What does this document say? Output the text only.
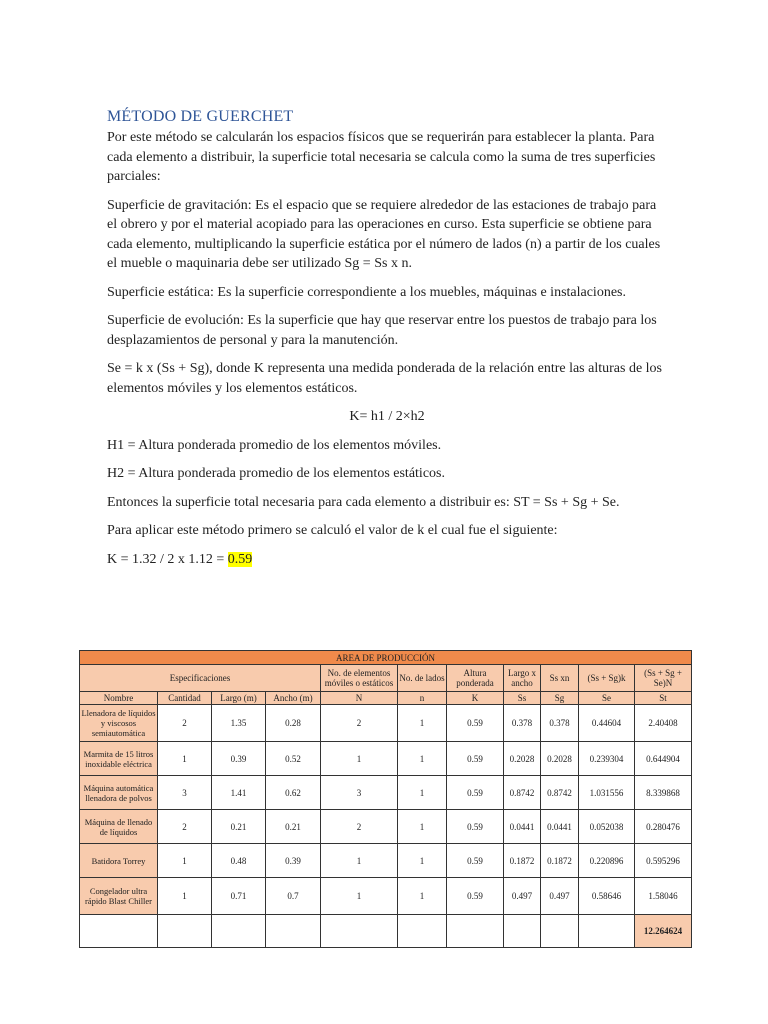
MÉTODO DE GUERCHET

Por este método se calcularán los espacios físicos que se requerirán para establecer la planta. Para cada elemento a distribuir, la superficie total necesaria se calcula como la suma de tres superficies parciales:

Superficie de gravitación: Es el espacio que se requiere alrededor de las estaciones de trabajo para el obrero y por el material acopiado para las operaciones en curso. Esta superficie se obtiene para cada elemento, multiplicando la superficie estática por el número de lados (n) a partir de los cuales el mueble o maquinaria debe ser utilizado Sg = Ss x n.

Superficie estática: Es la superficie correspondiente a los muebles, máquinas e instalaciones.

Superficie de evolución: Es la superficie que hay que reservar entre los puestos de trabajo para los desplazamientos de personal y para la manutención.

Se = k x (Ss + Sg), donde K representa una medida ponderada de la relación entre las alturas de los elementos móviles y los elementos estáticos.

K= h1 / 2×h2

H1 = Altura ponderada promedio de los elementos móviles.

H2 = Altura ponderada promedio de los elementos estáticos.

Entonces la superficie total necesaria para cada elemento a distribuir es: ST = Ss + Sg + Se.

Para aplicar este método primero se calculó el valor de k el cual fue el siguiente:

K = 1.32 / 2 x 1.12 = 0.59

AREA DE PRODUCCIÓN										
Especificaciones				No. de elementos móviles o estáticos	No. de lados	Altura ponderada	Largo x ancho	Ss xn	(Ss + Sg)k	(Ss + Sg + Se)N
Nombre	Cantidad	Largo (m)	Ancho (m)	N	n	K	Ss	Sg	Se	St
Llenadora de líquidos y viscosos semiautomática	2	1.35	0.28	2	1	0.59	0.378	0.378	0.44604	2.40408
Marmita de 15 litros inoxidable eléctrica	1	0.39	0.52	1	1	0.59	0.2028	0.2028	0.239304	0.644904
Máquina automática llenadora de polvos	3	1.41	0.62	3	1	0.59	0.8742	0.8742	1.031556	8.339868
Máquina de llenado de líquidos	2	0.21	0.21	2	1	0.59	0.0441	0.0441	0.052038	0.280476
Batidora Torrey	1	0.48	0.39	1	1	0.59	0.1872	0.1872	0.220896	0.595296
Congelador ultra rápido Blast Chiller	1	0.71	0.7	1	1	0.59	0.497	0.497	0.58646	1.58046
										12.264624
